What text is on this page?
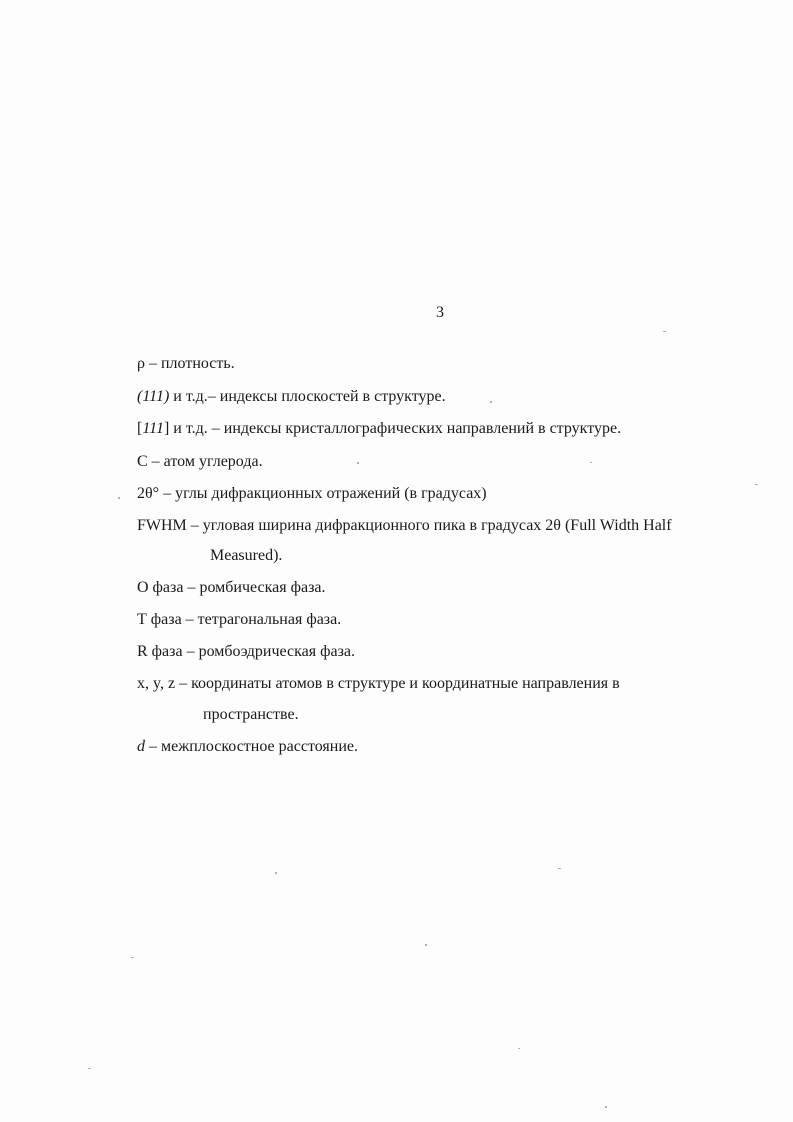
3
ρ – плотность.
(111) и т.д.– индексы плоскостей в структуре.
[111] и т.д. – индексы кристаллографических направлений в структуре.
С – атом углерода.
2θ° – углы дифракционных отражений (в градусах)
FWHM – угловая ширина дифракционного пика в градусах 2θ (Full Width Half
Measured).
О фаза – ромбическая фаза.
Т фаза – тетрагональная фаза.
R фаза – ромбоэдрическая фаза.
x, y, z – координаты атомов в структуре и координатные направления в
пространстве.
d – межплоскостное расстояние.
